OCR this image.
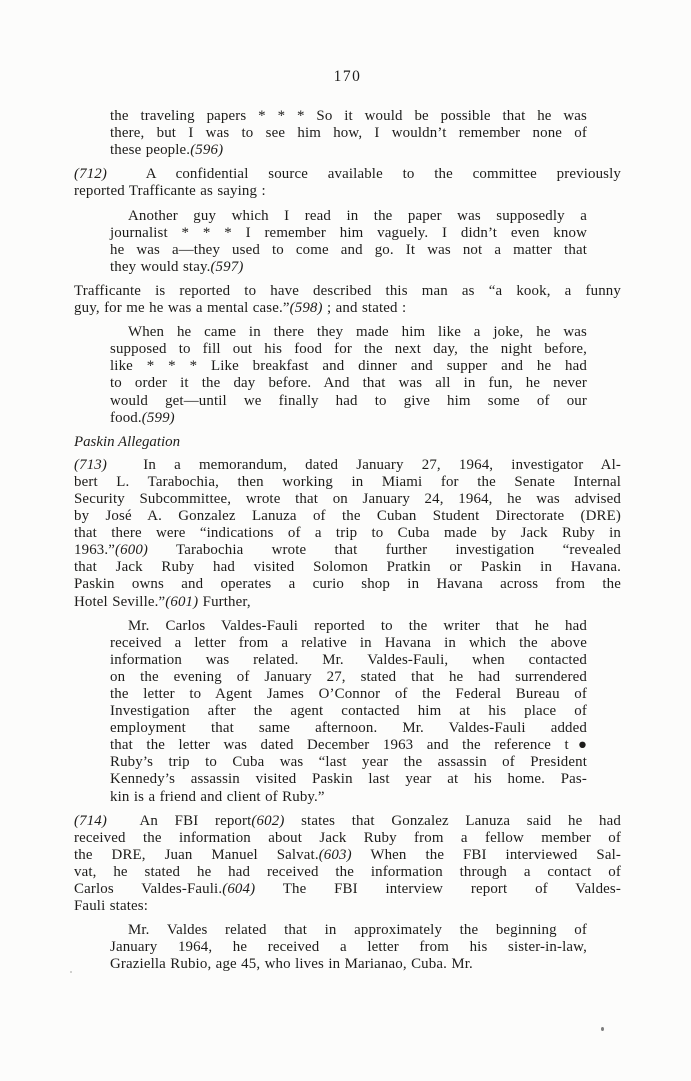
170
the traveling papers * * * So it would be possible that he was
there, but I was to see him how, I wouldn’t remember none of
these people.(596)
(712)  A confidential source available to the committee previously
reported Trafficante as saying :
Another guy which I read in the paper was supposedly a
journalist * * * I remember him vaguely. I didn’t even know
he was a—they used to come and go. It was not a matter that
they would stay.(597)
Trafficante is reported to have described this man as “a kook, a funny
guy, for me he was a mental case.”(598) ; and stated :
When he came in there they made him like a joke, he was
supposed to fill out his food for the next day, the night before,
like * * * Like breakfast and dinner and supper and he had
to order it the day before. And that was all in fun, he never
would get—until we finally had to give him some of our
food.(599)
Paskin Allegation
(713)  In a memorandum, dated January 27, 1964, investigator Al-
bert L. Tarabochia, then working in Miami for the Senate Internal
Security Subcommittee, wrote that on January 24, 1964, he was advised
by José A. Gonzalez Lanuza of the Cuban Student Directorate (DRE)
that there were “indications of a trip to Cuba made by Jack Ruby in
1963.”(600) Tarabochia wrote that further investigation “revealed
that Jack Ruby had visited Solomon Pratkin or Paskin in Havana.
Paskin owns and operates a curio shop in Havana across from the
Hotel Seville.”(601) Further,
Mr. Carlos Valdes-Fauli reported to the writer that he had
received a letter from a relative in Havana in which the above
information was related. Mr. Valdes-Fauli, when contacted
on the evening of January 27, stated that he had surrendered
the letter to Agent James O’Connor of the Federal Bureau of
Investigation after the agent contacted him at his place of
employment that same afternoon. Mr. Valdes-Fauli added
that the letter was dated December 1963 and the reference t●
Ruby’s trip to Cuba was “last year the assassin of President
Kennedy’s assassin visited Paskin last year at his home. Pas-
kin is a friend and client of Ruby.”
(714)  An FBI report(602) states that Gonzalez Lanuza said he had
received the information about Jack Ruby from a fellow member of
the DRE, Juan Manuel Salvat.(603) When the FBI interviewed Sal-
vat, he stated he had received the information through a contact of
Carlos Valdes-Fauli.(604) The FBI interview report of Valdes-
Fauli states:
Mr. Valdes related that in approximately the beginning of
January 1964, he received a letter from his sister-in-law,
Graziella Rubio, age 45, who lives in Marianao, Cuba. Mr.
